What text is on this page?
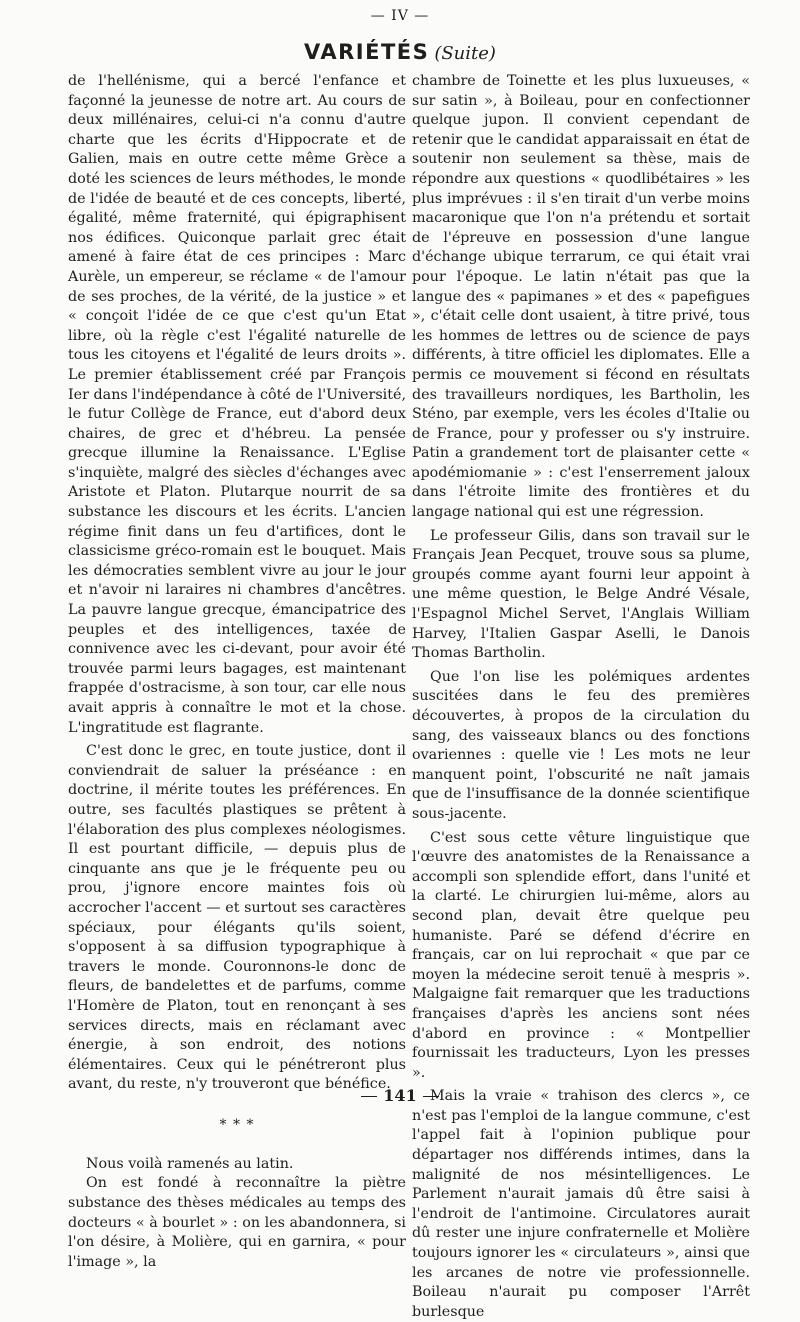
— IV —
VARIÉTÉS (Suite)

de l'hellénisme, qui a bercé l'enfance et façonné la jeunesse de notre art. Au cours de deux millénaires, celui-ci n'a connu d'autre charte que les écrits d'Hippocrate et de Galien, mais en outre cette même Grèce a doté les sciences de leurs méthodes, le monde de l'idée de beauté et de ces concepts, liberté, égalité, même fraternité, qui épigraphisent nos édifices. Quiconque parlait grec était amené à faire état de ces principes : Marc Aurèle, un empereur, se réclame « de l'amour de ses proches, de la vérité, de la justice » et « conçoit l'idée de ce que c'est qu'un Etat libre, où la règle c'est l'égalité naturelle de tous les citoyens et l'égalité de leurs droits ». Le premier établissement créé par François Ier dans l'indépendance à côté de l'Université, le futur Collège de France, eut d'abord deux chaires, de grec et d'hébreu. La pensée grecque illumine la Renaissance. L'Eglise s'inquiète, malgré des siècles d'échanges avec Aristote et Platon. Plutarque nourrit de sa substance les discours et les écrits. L'ancien régime finit dans un feu d'artifices, dont le classicisme gréco-romain est le bouquet. Mais les démocraties semblent vivre au jour le jour et n'avoir ni laraires ni chambres d'ancêtres. La pauvre langue grecque, émancipatrice des peuples et des intelligences, taxée de connivence avec les ci-devant, pour avoir été trouvée parmi leurs bagages, est maintenant frappée d'ostracisme, à son tour, car elle nous avait appris à connaître le mot et la chose. L'ingratitude est flagrante.

C'est donc le grec, en toute justice, dont il conviendrait de saluer la préséance : en doctrine, il mérite toutes les préférences. En outre, ses facultés plastiques se prêtent à l'élaboration des plus complexes néologismes. Il est pourtant difficile, — depuis plus de cinquante ans que je le fréquente peu ou prou, j'ignore encore maintes fois où accrocher l'accent — et surtout ses caractères spéciaux, pour élégants qu'ils soient, s'opposent à sa diffusion typographique à travers le monde. Couronnons-le donc de fleurs, de bandelettes et de parfums, comme l'Homère de Platon, tout en renonçant à ses services directs, mais en réclamant avec énergie, à son endroit, des notions élémentaires. Ceux qui le pénétreront plus avant, du reste, n'y trouveront que bénéfice.

* * *

Nous voilà ramenés au latin.

On est fondé à reconnaître la piètre substance des thèses médicales au temps des docteurs « à bourlet » : on les abandonnera, si l'on désire, à Molière, qui en garnira, « pour l'image », la

chambre de Toinette et les plus luxueuses, « sur satin », à Boileau, pour en confectionner quelque jupon. Il convient cependant de retenir que le candidat apparaissait en état de soutenir non seulement sa thèse, mais de répondre aux questions « quodlibétaires » les plus imprévues : il s'en tirait d'un verbe moins macaronique que l'on n'a prétendu et sortait de l'épreuve en possession d'une langue d'échange ubique terrarum, ce qui était vrai pour l'époque. Le latin n'était pas que la langue des « papimanes » et des « papefigues », c'était celle dont usaient, à titre privé, tous les hommes de lettres ou de science de pays différents, à titre officiel les diplomates. Elle a permis ce mouvement si fécond en résultats des travailleurs nordiques, les Bartholin, les Sténo, par exemple, vers les écoles d'Italie ou de France, pour y professer ou s'y instruire. Patin a grandement tort de plaisanter cette « apodémiomanie » : c'est l'enserrement jaloux dans l'étroite limite des frontières et du langage national qui est une régression.

Le professeur Gilis, dans son travail sur le Français Jean Pecquet, trouve sous sa plume, groupés comme ayant fourni leur appoint à une même question, le Belge André Vésale, l'Espagnol Michel Servet, l'Anglais William Harvey, l'Italien Gaspar Aselli, le Danois Thomas Bartholin.

Que l'on lise les polémiques ardentes suscitées dans le feu des premières découvertes, à propos de la circulation du sang, des vaisseaux blancs ou des fonctions ovariennes : quelle vie ! Les mots ne leur manquent point, l'obscurité ne naît jamais que de l'insuffisance de la donnée scientifique sous-jacente.

C'est sous cette vêture linguistique que l'œuvre des anatomistes de la Renaissance a accompli son splendide effort, dans l'unité et la clarté. Le chirurgien lui-même, alors au second plan, devait être quelque peu humaniste. Paré se défend d'écrire en français, car on lui reprochait « que par ce moyen la médecine seroit tenuë à mespris ». Malgaigne fait remarquer que les traductions françaises d'après les anciens sont nées d'abord en province : « Montpellier fournissait les traducteurs, Lyon les presses ».

Mais la vraie « trahison des clercs », ce n'est pas l'emploi de la langue commune, c'est l'appel fait à l'opinion publique pour départager nos différends intimes, dans la malignité de nos mésintelligences. Le Parlement n'aurait jamais dû être saisi à l'endroit de l'antimoine. Circulatores aurait dû rester une injure confraternelle et Molière toujours ignorer les « circulateurs », ainsi que les arcanes de notre vie professionnelle. Boileau n'aurait pu composer l'Arrêt burlesque

141
